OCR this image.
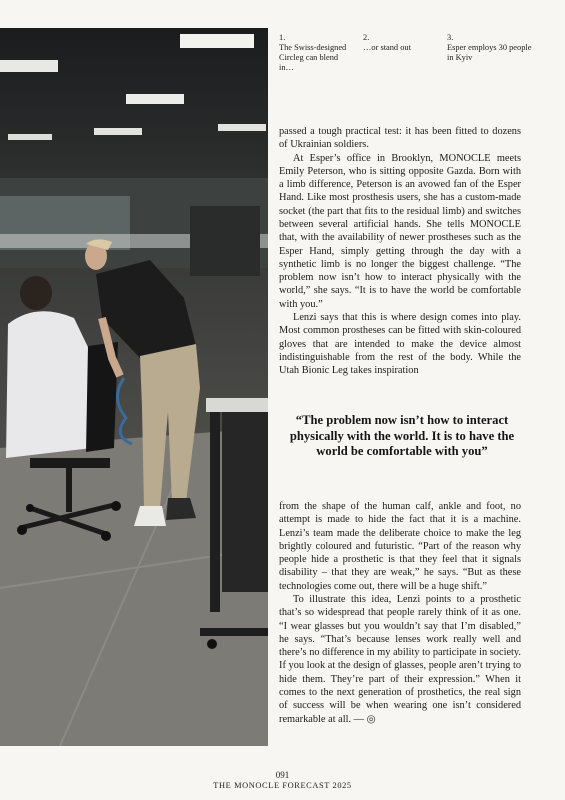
1.
The Swiss-designed Circleg can blend in…
2.
…or stand out
3.
Esper employs 30 people in Kyiv

passed a tough practical test: it has been fitted to dozens of Ukrainian soldiers.

At Esper’s office in Brooklyn, MONOCLE meets Emily Peterson, who is sitting opposite Gazda. Born with a limb difference, Peterson is an avowed fan of the Esper Hand. Like most prosthesis users, she has a custom-made socket (the part that fits to the residual limb) and switches between several artificial hands. She tells MONOCLE that, with the availability of newer prostheses such as the Esper Hand, simply getting through the day with a synthetic limb is no longer the biggest challenge. “The problem now isn’t how to interact physically with the world,” she says. “It is to have the world be comfortable with you.”

Lenzi says that this is where design comes into play. Most common prostheses can be fitted with skin-coloured gloves that are intended to make the device almost indistinguishable from the rest of the body. While the Utah Bionic Leg takes inspiration

“The problem now isn’t how to interact physically with the world. It is to have the world be comfortable with you”

from the shape of the human calf, ankle and foot, no attempt is made to hide the fact that it is a machine. Lenzi’s team made the deliberate choice to make the leg brightly coloured and futuristic. “Part of the reason why people hide a prosthetic is that they feel that it signals disability – that they are weak,” he says. “But as these technologies come out, there will be a huge shift.”

To illustrate this idea, Lenzi points to a prosthetic that’s so widespread that people rarely think of it as one. “I wear glasses but you wouldn’t say that I’m disabled,” he says. “That’s because lenses work really well and there’s no difference in my ability to participate in society. If you look at the design of glasses, people aren’t trying to hide them. They’re part of their expression.” When it comes to the next generation of prosthetics, the real sign of success will be when wearing one isn’t considered remarkable at all. — ◎

091
THE MONOCLE FORECAST 2025
